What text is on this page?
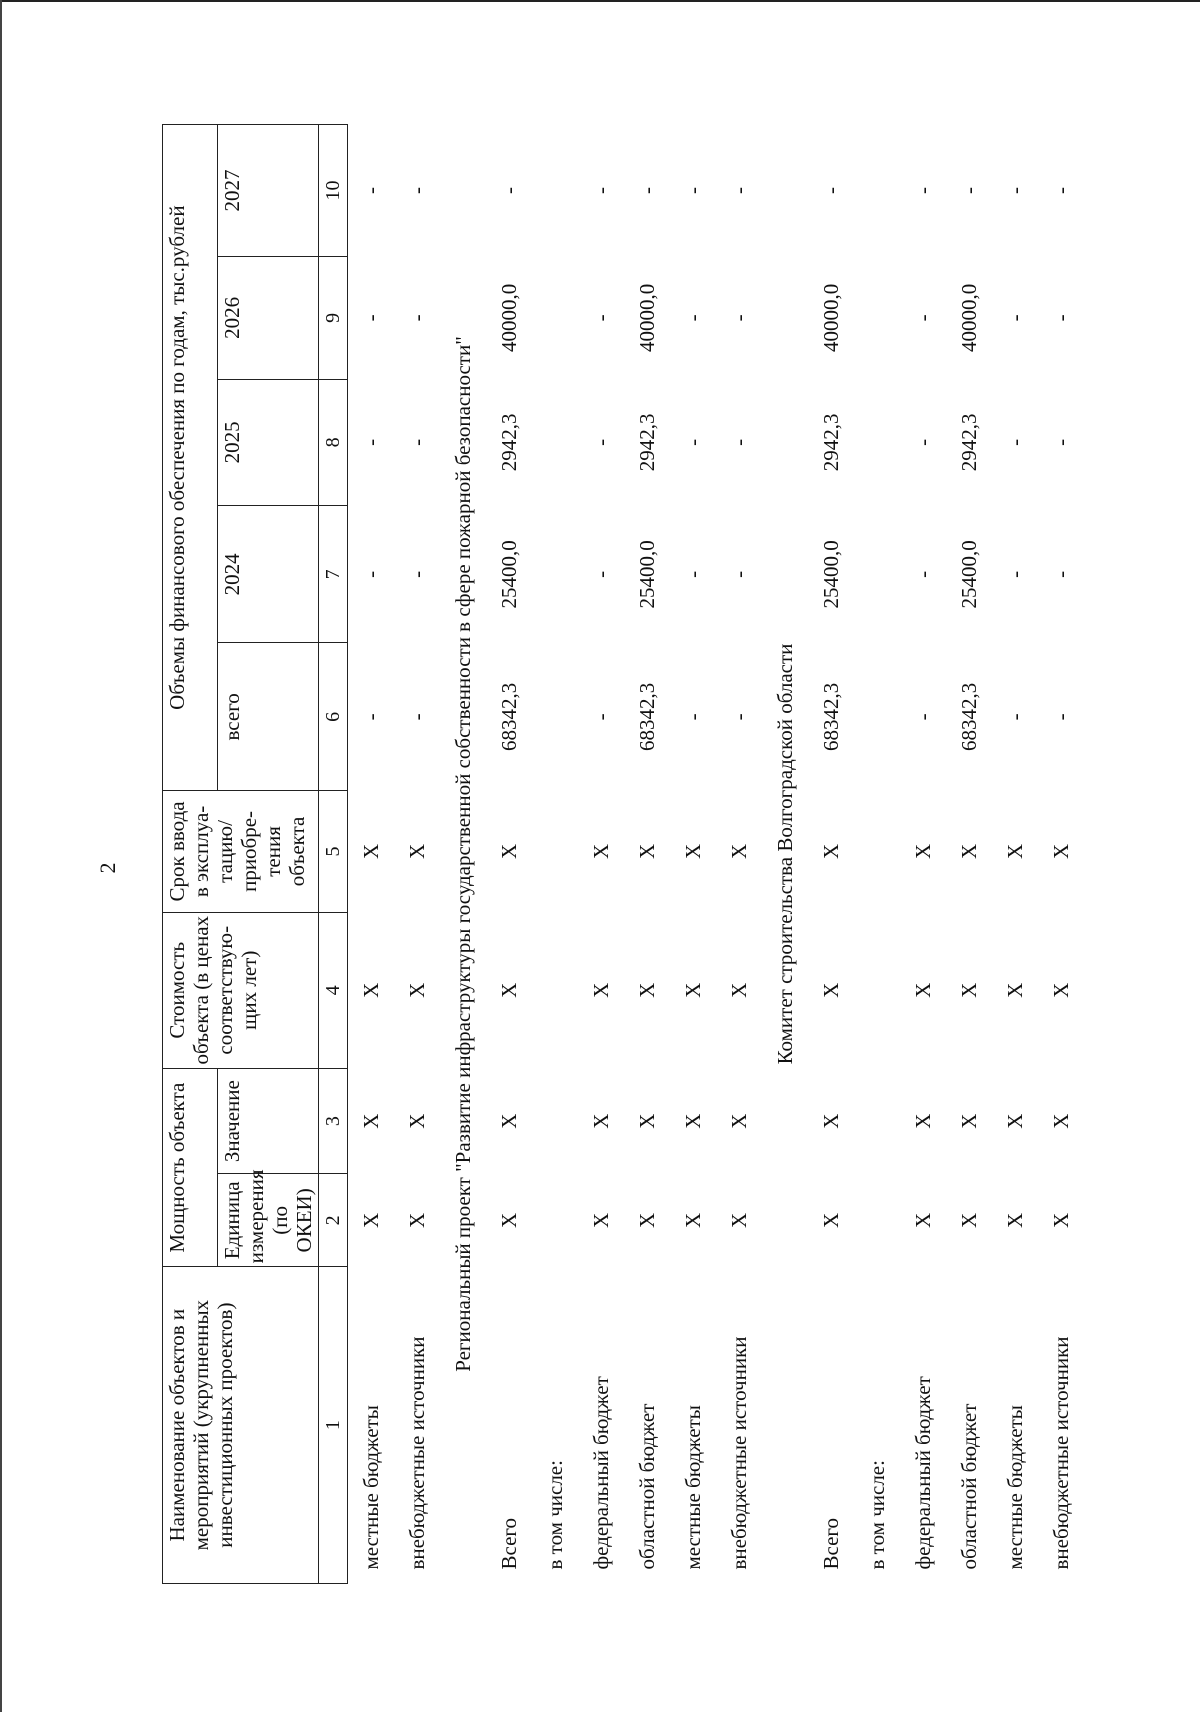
2
Наименование объектов и мероприятий (укрупненных инвестиционных проектов)	Мощность объекта		Стоимость объекта (в ценах соответствую-щих лет)	Срок ввода в эксплуа-тацию/ приобре-тения объекта	Объемы финансового обеспечения по годам, тыс.рублей				
	Единица измерения (по ОКЕИ)	Значение			всего	2024	2025	2026	2027
1	2	3	4	5	6	7	8	9	10
местные бюджеты	Х	Х	Х	Х	-	-	-	-	-
внебюджетные источники	Х	Х	Х	Х	-	-	-	-	-
Региональный проект "Развитие инфраструктуры государственной собственности в сфере пожарной безопасности"									
Всего	Х	Х	Х	Х	68342,3	25400,0	2942,3	40000,0	-
в том числе:									
федеральный бюджет	Х	Х	Х	Х	-	-	-	-	-
областной бюджет	Х	Х	Х	Х	68342,3	25400,0	2942,3	40000,0	-
местные бюджеты	Х	Х	Х	Х	-	-	-	-	-
внебюджетные источники	Х	Х	Х	Х	-	-	-	-	-
Комитет строительства Волгоградской области									
Всего	Х	Х	Х	Х	68342,3	25400,0	2942,3	40000,0	-
в том числе:									
федеральный бюджет	Х	Х	Х	Х	-	-	-	-	-
областной бюджет	Х	Х	Х	Х	68342,3	25400,0	2942,3	40000,0	-
местные бюджеты	Х	Х	Х	Х	-	-	-	-	-
внебюджетные источники	Х	Х	Х	Х	-	-	-	-	-
